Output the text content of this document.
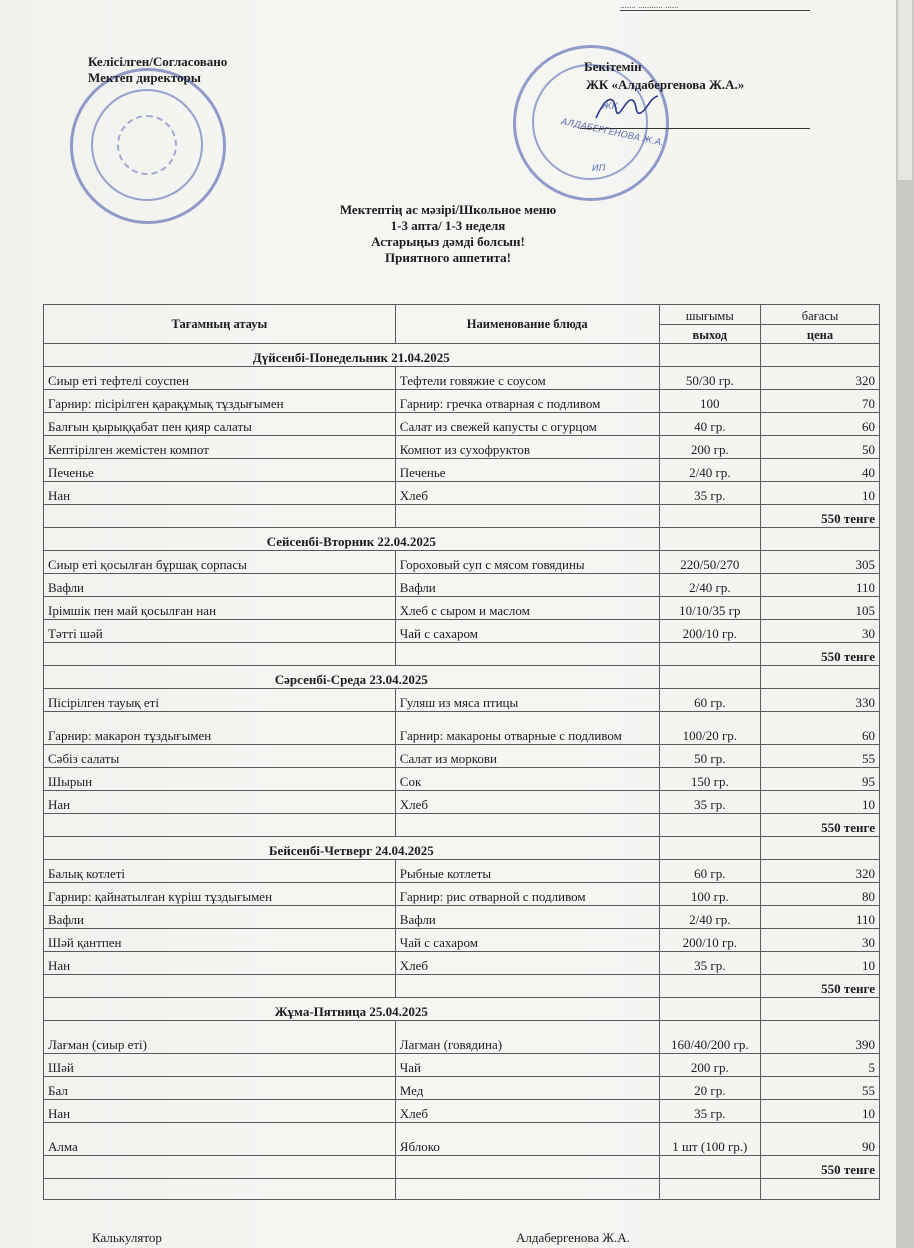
....... ........... ......
ЖК
АЛДАБЕРГЕНОВА Ж.А.
ИП
Келісілген/Согласовано
Мектеп директоры
Бекітемін
ЖК «Алдабергенова Ж.А.»
Мектептің ас мәзірі/Школьное меню
1-3 апта/ 1-3 неделя
Астарыңыз дәмді болсын!
Приятного аппетита!
Тағамның атауы	Наименование блюда	шығымы	бағасы
		выход	цена
Дүйсенбі-Понедельник 21.04.2025			
Сиыр еті тефтелі соуспен	Тефтели говяжие с соусом	50/30 гр.	320
Гарнир: пісірілген қарақұмық тұздығымен	Гарнир: гречка отварная с подливом	100	70
Балғын қырыққабат пен қияр салаты	Салат из свежей капусты с огурцом	40 гр.	60
Кептірілген жемістен компот	Компот из сухофруктов	200 гр.	50
Печенье	Печенье	2/40 гр.	40
Нан	Хлеб	35 гр.	10
			550 тенге
Сейсенбі-Вторник 22.04.2025			
Сиыр еті қосылған бұршақ сорпасы	Гороховый суп с мясом говядины	220/50/270	305
Вафли	Вафли	2/40 гр.	110
Ірімшік пен май қосылған нан	Хлеб с сыром и маслом	10/10/35 гр	105
Тәтті шәй	Чай с сахаром	200/10 гр.	30
			550 тенге
Сәрсенбі-Среда 23.04.2025			
Пісірілген тауық еті	Гуляш из мяса птицы	60 гр.	330
Гарнир: макарон тұздығымен	Гарнир: макароны отварные с подливом	100/20 гр.	60
Сәбіз салаты	Салат из моркови	50 гр.	55
Шырын	Сок	150 гр.	95
Нан	Хлеб	35 гр.	10
			550 тенге
Бейсенбі-Четверг 24.04.2025			
Балық котлеті	Рыбные котлеты	60 гр.	320
Гарнир: қайнатылған күріш тұздығымен	Гарнир: рис отварной с подливом	100 гр.	80
Вафли	Вафли	2/40 гр.	110
Шәй қантпен	Чай с сахаром	200/10 гр.	30
Нан	Хлеб	35 гр.	10
			550 тенге
Жұма-Пятница 25.04.2025			
Лағман (сиыр еті)	Лагман (говядина)	160/40/200 гр.	390
Шәй	Чай	200 гр.	5
Бал	Мед	20 гр.	55
Нан	Хлеб	35 гр.	10
Алма	Яблоко	1 шт (100 гр.)	90
			550 тенге

Калькулятор	Алдабергенова Ж.А.
